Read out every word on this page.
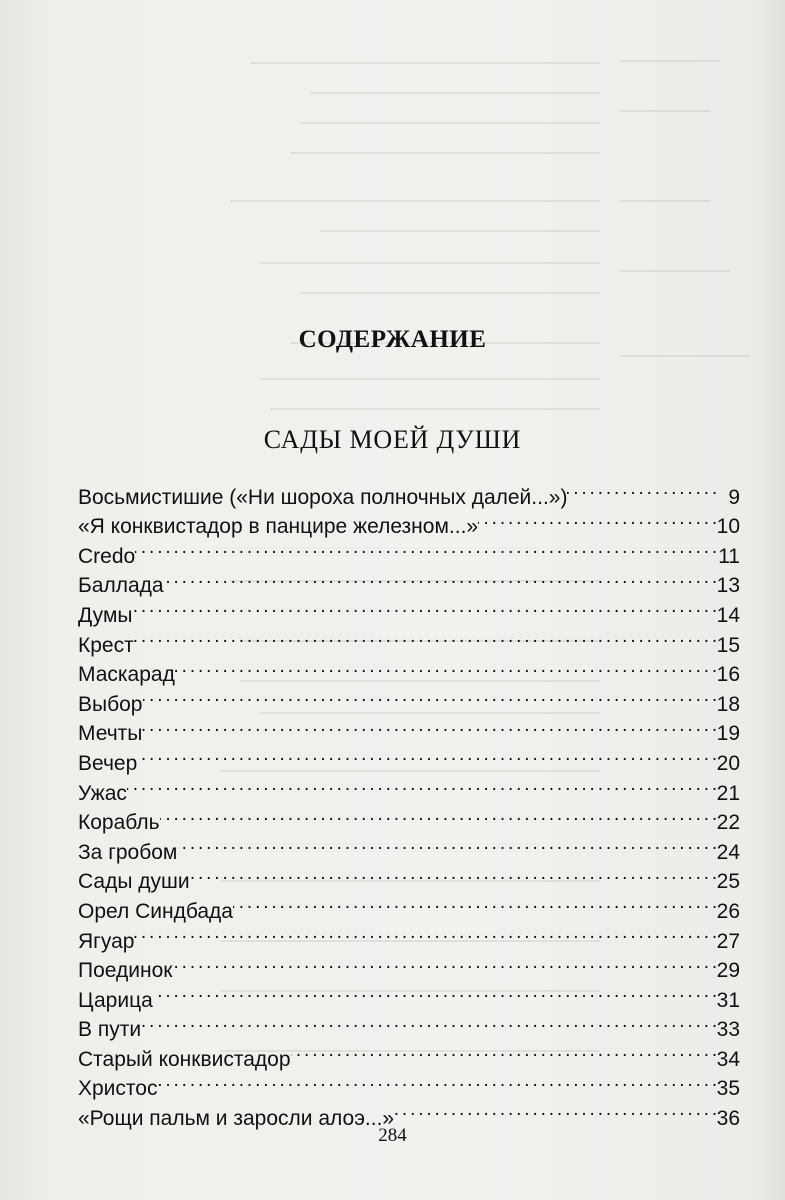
СОДЕРЖАНИЕ
САДЫ МОЕЙ ДУШИ
Восьмистишие («Ни шороха полночных далей...») . . .	9
«Я конквистадор в панцире железном...» . . .	10
Credo . . .	11
Баллада . . .	13
Думы . . .	14
Крест . . .	15
Маскарад . . .	16
Выбор . . .	18
Мечты . . .	19
Вечер . . .	20
Ужас . . .	21
Корабль . . .	22
За гробом . . .	24
Сады души . . .	25
Орел Синдбада . . .	26
Ягуар . . .	27
Поединок . . .	29
Царица . . .	31
В пути . . .	33
Старый конквистадор . . .	34
Христос . . .	35
«Рощи пальм и заросли алоэ...» . . .	36
284
